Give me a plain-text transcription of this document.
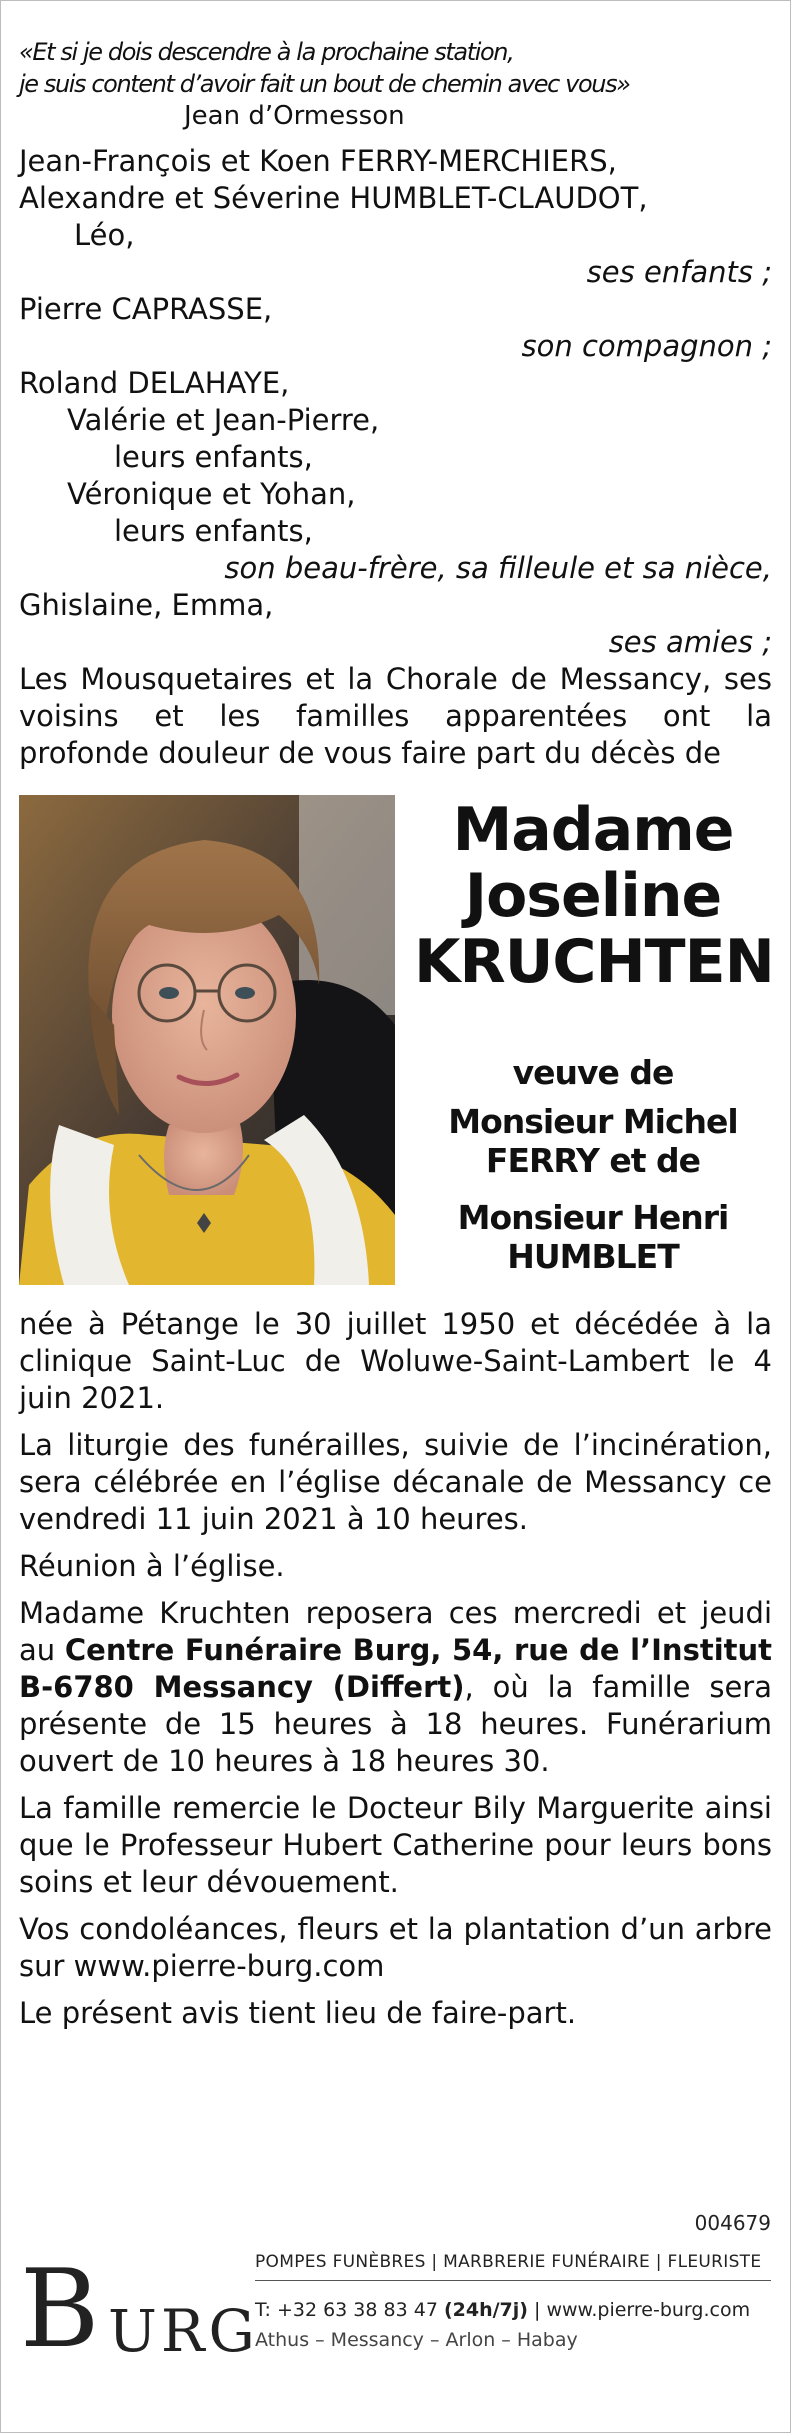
«Et si je dois descendre à la prochaine station,
je suis content d’avoir fait un bout de chemin avec vous»
Jean d’Ormesson
Jean-François et Koen FERRY-MERCHIERS,
Alexandre et Séverine HUMBLET-CLAUDOT,
Léo,
ses enfants ;
Pierre CAPRASSE,
son compagnon ;
Roland DELAHAYE,
Valérie et Jean-Pierre,
leurs enfants,
Véronique et Yohan,
leurs enfants,
son beau-frère, sa filleule et sa nièce,
Ghislaine, Emma,
ses amies ;
Les Mousquetaires et la Chorale de Messancy, ses
voisins et les familles apparentées ont la
profonde douleur de vous faire part du décès de
Madame
Joseline
KRUCHTEN
veuve de
Monsieur Michel
FERRY et de
Monsieur Henri
HUMBLET
née à Pétange le 30 juillet 1950 et décédée à la clinique Saint-Luc de Woluwe-Saint-Lambert le 4 juin 2021.
La liturgie des funérailles, suivie de l’incinération, sera célébrée en l’église décanale de Messancy ce vendredi 11 juin 2021 à 10 heures.
Réunion à l’église.
Madame Kruchten reposera ces mercredi et jeudi au Centre Funéraire Burg, 54, rue de l’Institut B-6780 Messancy (Differt), où la famille sera présente de 15 heures à 18 heures. Funérarium ouvert de 10 heures à 18 heures 30.
La famille remercie le Docteur Bily Marguerite ainsi que le Professeur Hubert Catherine pour leurs bons soins et leur dévouement.
Vos condoléances, fleurs et la plantation d’un arbre sur www.pierre-burg.com
Le présent avis tient lieu de faire-part.
004679
B URG
POMPES FUNÈBRES | MARBRERIE FUNÉRAIRE | FLEURISTE
T: +32 63 38 83 47 (24h/7j) | www.pierre-burg.com
Athus – Messancy – Arlon – Habay
